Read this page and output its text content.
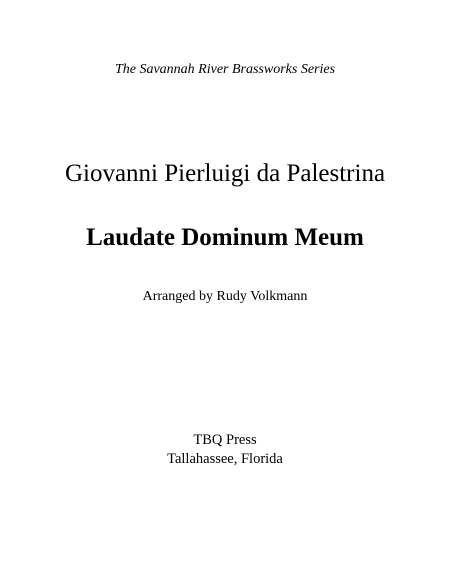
The Savannah River Brassworks Series
Giovanni Pierluigi da Palestrina
Laudate Dominum Meum
Arranged by Rudy Volkmann
TBQ Press
Tallahassee, Florida
